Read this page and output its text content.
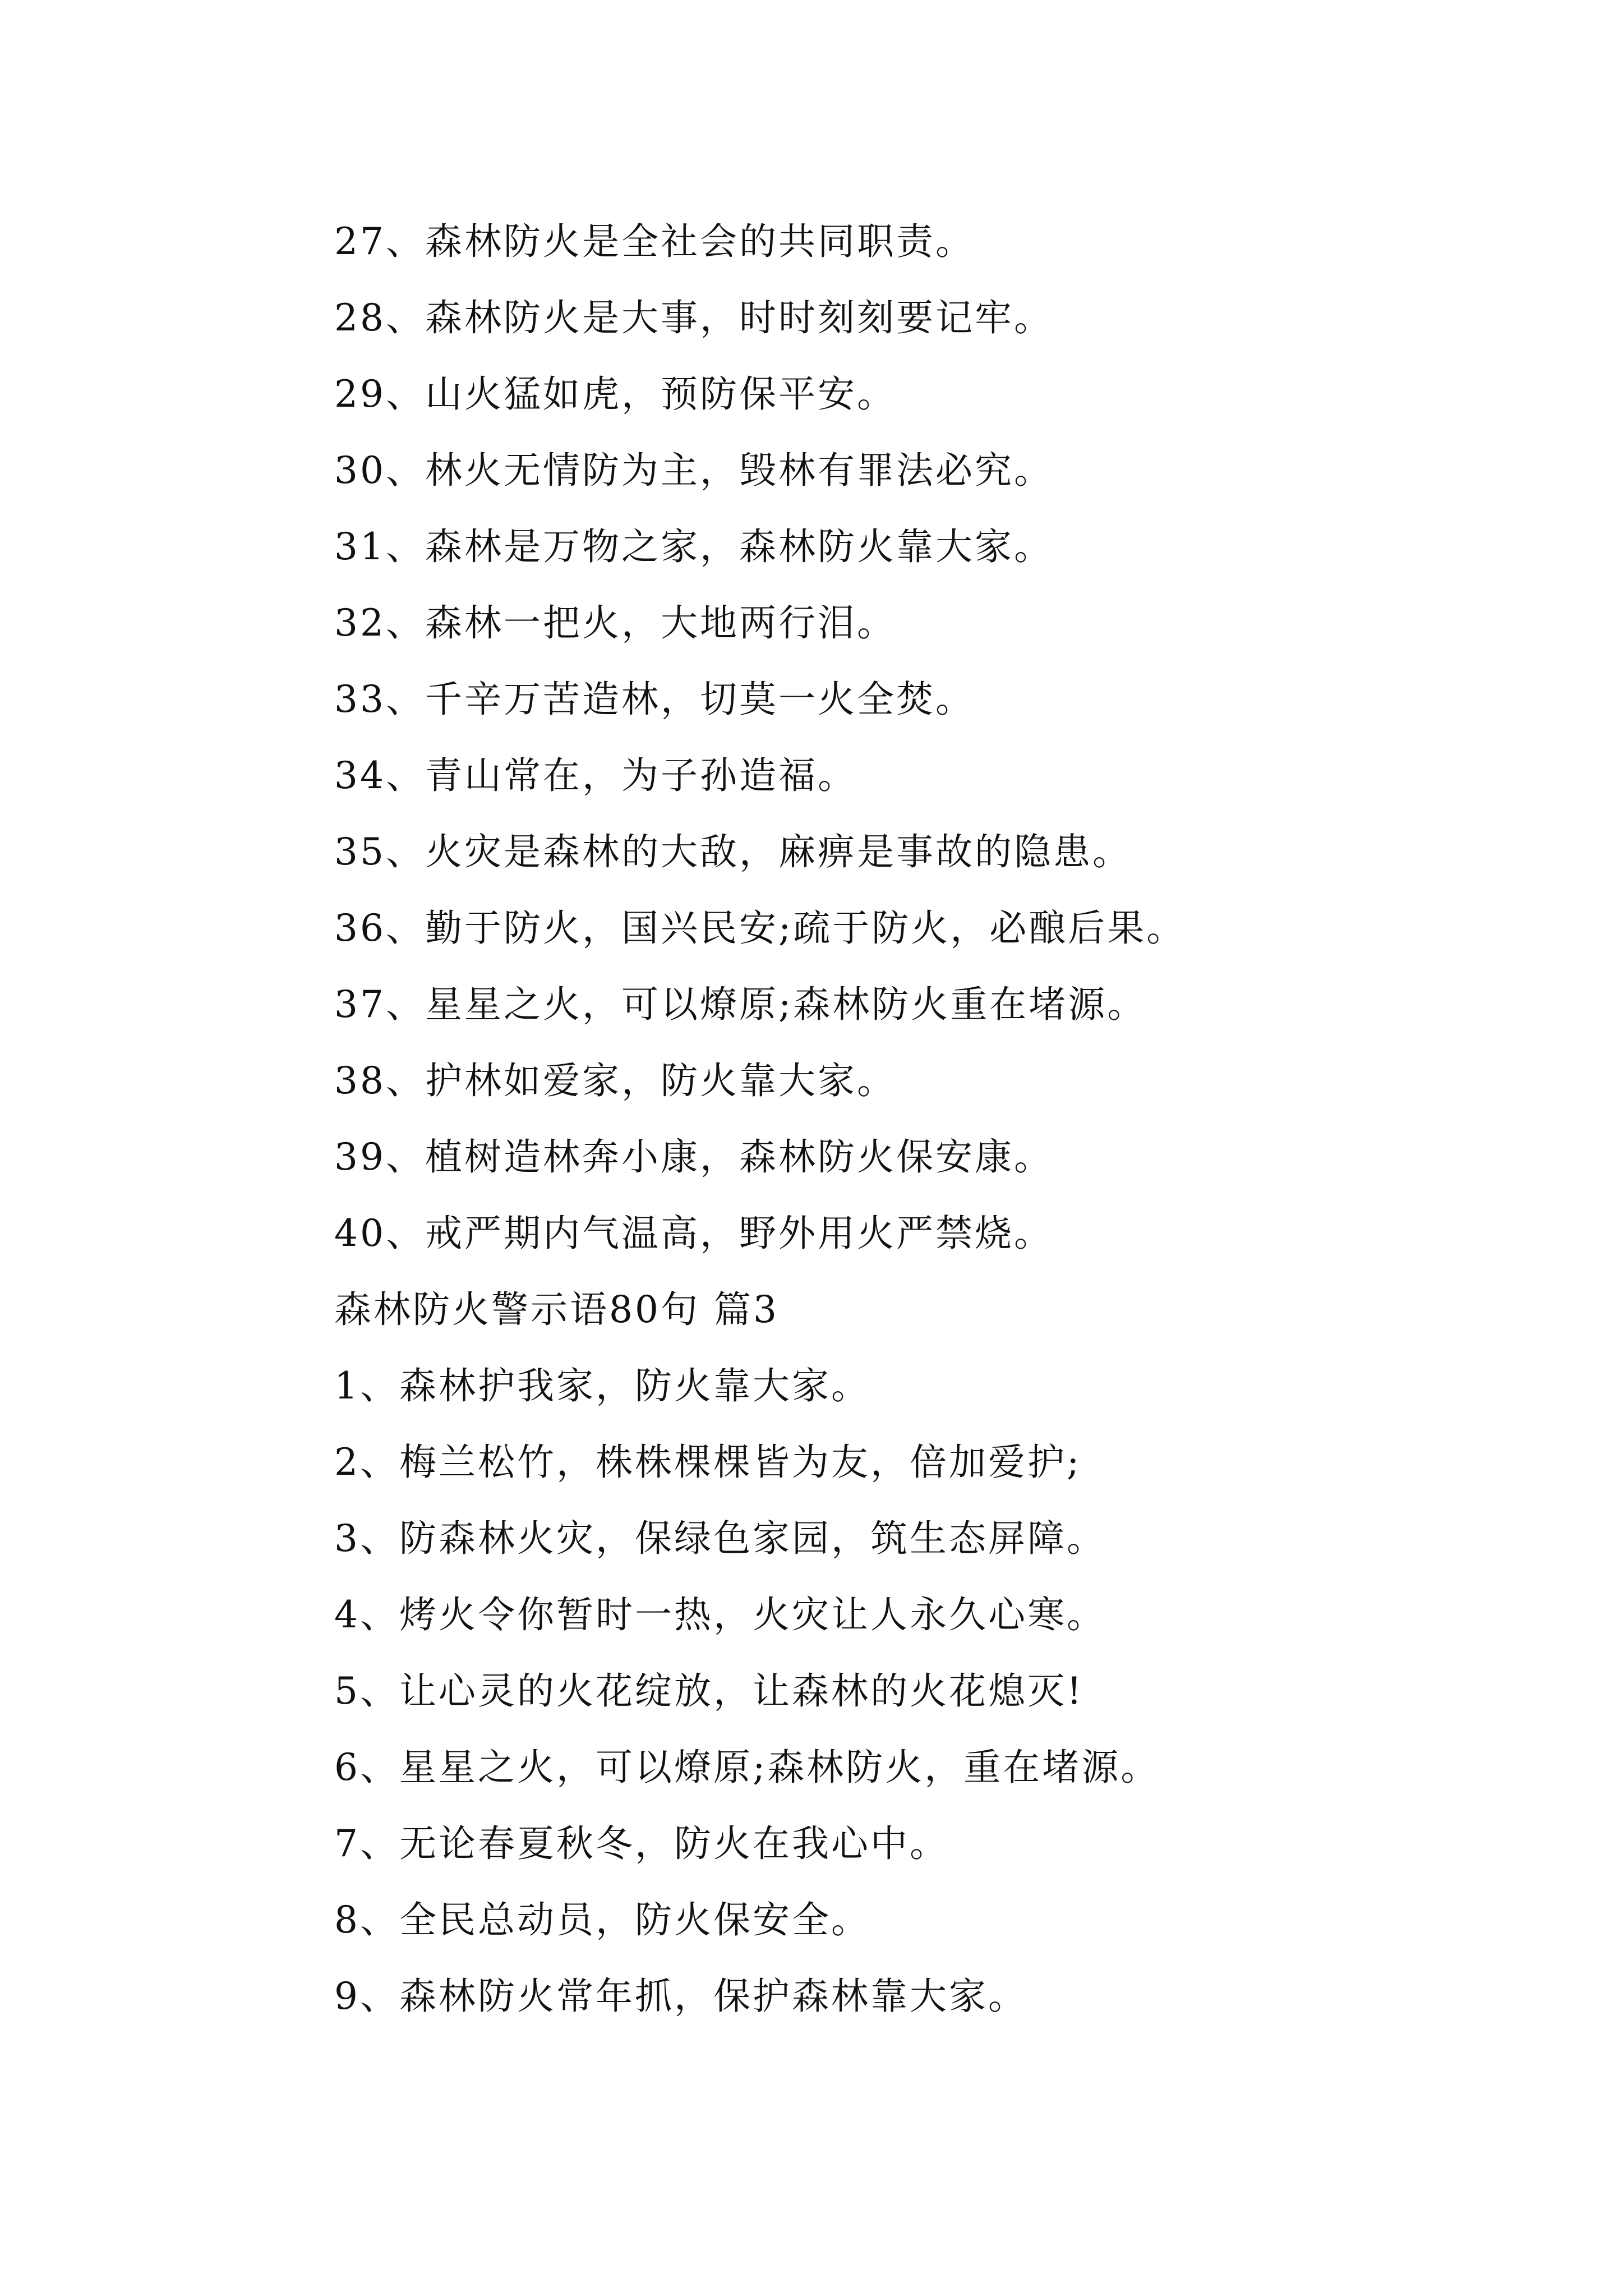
27、森林防火是全社会的共同职责。
28、森林防火是大事，时时刻刻要记牢。
29、山火猛如虎，预防保平安。
30、林火无情防为主，毁林有罪法必究。
31、森林是万物之家，森林防火靠大家。
32、森林一把火，大地两行泪。
33、千辛万苦造林，切莫一火全焚。
34、青山常在，为子孙造福。
35、火灾是森林的大敌，麻痹是事故的隐患。
36、勤于防火，国兴民安;疏于防火，必酿后果。
37、星星之火，可以燎原;森林防火重在堵源。
38、护林如爱家，防火靠大家。
39、植树造林奔小康，森林防火保安康。
40、戒严期内气温高，野外用火严禁烧。
森林防火警示语80句 篇3
1、森林护我家，防火靠大家。
2、梅兰松竹，株株棵棵皆为友，倍加爱护;
3、防森林火灾，保绿色家园，筑生态屏障。
4、烤火令你暂时一热，火灾让人永久心寒。
5、让心灵的火花绽放，让森林的火花熄灭!
6、星星之火，可以燎原;森林防火，重在堵源。
7、无论春夏秋冬，防火在我心中。
8、全民总动员，防火保安全。
9、森林防火常年抓，保护森林靠大家。
